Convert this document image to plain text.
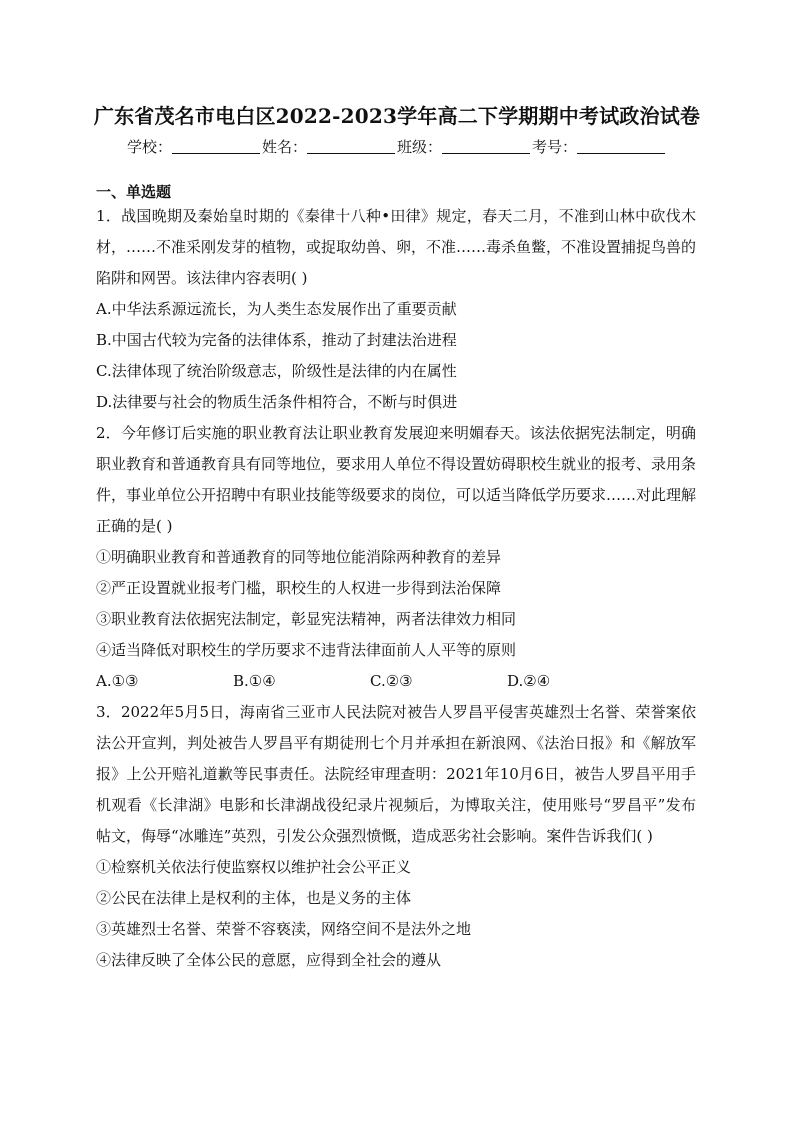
广东省茂名市电白区2022-2023学年高二下学期期中考试政治试卷
学校：	姓名：	班级：	考号：
一、单选题

1．战国晚期及秦始皇时期的《秦律十八种•田律》规定，春天二月，不准到山林中砍伐木材，……不准采刚发芽的植物，或捉取幼兽、卵，不准……毒杀鱼鳖，不准设置捕捉鸟兽的陷阱和网罟。该法律内容表明( )

A.中华法系源远流长，为人类生态发展作出了重要贡献

B.中国古代较为完备的法律体系，推动了封建法治进程

C.法律体现了统治阶级意志，阶级性是法律的内在属性

D.法律要与社会的物质生活条件相符合，不断与时俱进

2．今年修订后实施的职业教育法让职业教育发展迎来明媚春天。该法依据宪法制定，明确职业教育和普通教育具有同等地位，要求用人单位不得设置妨碍职校生就业的报考、录用条件，事业单位公开招聘中有职业技能等级要求的岗位，可以适当降低学历要求……对此理解正确的是( )

①明确职业教育和普通教育的同等地位能消除两种教育的差异

②严正设置就业报考门槛，职校生的人权进一步得到法治保障

③职业教育法依据宪法制定，彰显宪法精神，两者法律效力相同

④适当降低对职校生的学历要求不违背法律面前人人平等的原则

A.①③	B.①④	C.②③	D.②④

3．2022年5月5日，海南省三亚市人民法院对被告人罗昌平侵害英雄烈士名誉、荣誉案依法公开宣判，判处被告人罗昌平有期徒刑七个月并承担在新浪网、《法治日报》和《解放军报》上公开赔礼道歉等民事责任。法院经审理查明：2021年10月6日，被告人罗昌平用手机观看《长津湖》电影和长津湖战役纪录片视频后，为博取关注，使用账号“罗昌平”发布帖文，侮辱“冰雕连”英烈，引发公众强烈愤慨，造成恶劣社会影响。案件告诉我们( )

①检察机关依法行使监察权以维护社会公平正义

②公民在法律上是权利的主体，也是义务的主体

③英雄烈士名誉、荣誉不容亵渎，网络空间不是法外之地

④法律反映了全体公民的意愿，应得到全社会的遵从
